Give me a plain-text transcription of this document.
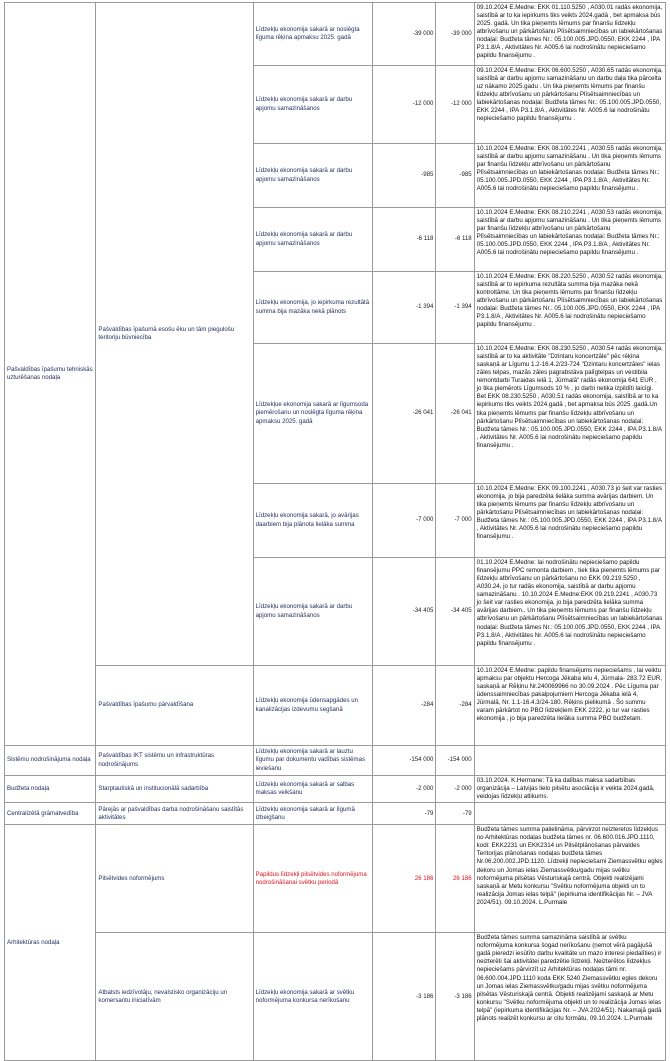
Pašvaldības īpašumu tehniskās uzturēšanas nodaļa	Pašvaldības īpašumā esošu ēku un tām piegulošu teritoriju būvniecība	Līdzekļu ekonomija sakarā ar noslēgta līguma rēķina apmaksu 2025. gadā	-39 000	-39 000	09.10.2024 E.Medne: EKK 01.110.5250 , A030.01 radās ekonomija, saistībā ar to ka iepirkums tiks veikts 2024.gadā , bet apmaksa būs 2025. gadā. Un tika pieņemts lēmums par finanšu līdzekļu atbrīvošanu un pārkārtošanu Plīsētsaimniecības un labiekārtošanas nodaļai: Budžeta tāmes Nr.: 05.100.005.JPD.0550, EKK 2244 , IPA P3.1.8/A , Aktivitātes Nr. A005.6 lai nodrošinātu nepieciešamo papildu finansējumu .
		Līdzekļu ekonomija sakarā ar darbu apjomu samazināšanos	-12 000	-12 000	09.10.2024 E.Medne: EKK 06.600.5250 , A030.65 radās ekonomija, saistībā ar darbu apjomu samazināšanu un darbu daļa tika pārcelta uz nākamo 2025.gadu . Un tika pieņemts lēmums par finanšu līdzekļu atbrīvošanu un pārkārtošanu Plīsētsaimniecības un labiekārtošanas nodaļai: Budžeta tāmes Nr.: 05.100.005.JPD.0550, EKK 2244 , IPA P3.1.8/A , Aktivitātes Nr. A005.6 lai nodrošinātu nepieciešamo papildu finansējumu .
		Līdzekļu ekonomija sakarā ar darbu apjomu samazināšanos	-985	-985	10.10.2024 E.Medne: EKK 08.100.2241 , A030.55 radās ekonomija, saistībā ar darbu apjomu samazināšanu . Un tika pieņemts lēmums par finanšu līdzekļu atbrīvošanu un pārkārtošanu Plīsētsaimniecības un labiekārtošanas nodaļai: Budžeta tāmes Nr.: 05.100.005.JPD.0550, EKK 2244 , IPA P3.1.8/A , Aktivitātes Nr. A005.6 lai nodrošinātu nepieciešamo papildu finansējumu .
		Līdzekļu ekonomija sakarā ar darbu apjomu samazināšanos	-6 118	-6 118	10.10.2024 E.Medne: EKK 08.210.2241 , A030.53 radās ekonomija, saistībā ar darbu apjomu samazināšanu . Un tika pieņemts lēmums par finanšu līdzekļu atbrīvošanu un pārkārtošanu Plīsētsaimniecības un labiekārtošanas nodaļai: Budžeta tāmes Nr.: 05.100.005.JPD.0550, EKK 2244 , IPA P3.1.8/A , Aktivitātes Nr. A005.6 lai nodrošinātu nepieciešamo papildu finansējumu .
		Līdzekļu ekonomija, jo iepirkuma rezultātā summa bija mazāka nekā plānots	-1 394	-1 394	10.10.2024 E.Medne: EKK 08.220.5250 , A030.52 radās ekonomija, saistībā ar to iepirkuma rezultāta summa bija mazāka nekā kontroltāme. Un tika pieņemts lēmums par finanšu līdzekļu atbrīvošanu un pārkārtošanu Plīsētsaimniecības un labiekārtošanas nodaļai: Budžeta tāmes Nr.: 05.100.005.JPD.0550, EKK 2244 , IPA P3.1.8/A , Aktivitātes Nr. A005.6 lai nodrošinātu nepieciešamo papildu finansējumu .
		Līdzekļue ekonomija sakarā ar līgumsoda piemērošanu un noslēgta līguma rēķina apmaksu 2025. gadā	-26 041	-26 041	10.10.2024 E.Medne: EKK 08.230.5250 , A030.54 radās ekonomija, saistībā ar to ka aktivitāte "Dzintaru koncertzāle" pēc rēķina saskaņā ar Līgumu 1.2-16.4.2/23-724 "Dzintaru koncertzāles" ielas zāles telpas, mazās zāles pagrabstāva palīgtelpas un vestibila remontdarbi Turaidas ielā 1, Jūrmalā" radās ekonomija 641 EUR , jo tika piemērots Līgumsods 10 % , jo darbi netika izpildīti laicīgi. Bet EKK 08.230.5250 , A030.51 radās ekonomija, saistībā ar to ka iepirkums tiks veikts 2024.gadā , bet apmaksa būs 2025 .gadā.Un tika pieņemts lēmums par finanšu līdzekļu atbrīvošanu un pārkārtošanu Plīsētsaimniecības un labiekārtošanas nodaļai: Budžeta tāmes Nr.: 05.100.005.JPD.0550, EKK 2244 , IPA P3.1.8/A , Aktivitātes Nr. A005.6 lai nodrošinātu nepieciešamo papildu finansējumu .
		Līdzekļu ekonomija sakarā, jo avārijas daarbiem bija plānota lielāka summa	-7 000	-7 000	10.10.2024 E.Medne: EKK 09.100.2241 , A030.73 jo šeit var rasties ekonomija, jo bija paredzēta lielāka summa avārijas darbiem. Un tika pieņemts lēmums par finanšu līdzekļu atbrīvošanu un pārkārtošanu Plīsētsaimniecības un labiekārtošanas nodaļai: Budžeta tāmes Nr.: 05.100.005.JPD.0550, EKK 2244 , IPA P3.1.8/A , Aktivitātes Nr. A005.6 lai nodrošinātu nepieciešamo papildu finansējumu .
		Līdzekļu ekonomija sakarā ar darbu apjomu samazināšanos	-34 405	-34 405	01.10.2024 E.Medne: lai nodrošinātu nepieciešamo papildu finansējumu PPC remonta darbiem , tiek tika pieņemts lēmums par līdzekļu atbrīvošanu un pārkārtošanu no EKK 09.219.5250 , A030.24, jo tur radās ekonomija, saistībā ar darbu apjomu samazināšanu . 10.10.2024 E.Medne:EKK 09.219.2241 , A030.73 jo šeit var rasties ekonomija, jo bija paredzēta lielāka summa avārijas darbiem.. Un tika pieņemts lēmums par finanšu līdzekļu atbrīvošanu un pārkārtošanu Plīsētsaimniecības un labiekārtošanas nodaļai: Budžeta tāmes Nr.: 05.100.005.JPD.0550, EKK 2244 , IPA P3.1.8/A , Aktivitātes Nr. A005.6 lai nodrošinātu nepieciešamo papildu finansējumu .
	Pašvaldības īpašumu pārvaldīšana	Līdzekļu ekonomija ūdensapgādes un kanalizācijas izdevumu segšanā	-284	-284	10.10.2024 E.Medne: papildu finansējums nepieciešams , lai veiktu apmaksu par objektu Hercoga Jēkaba ielu 4, Jūrmala- 283.72 EUR, saskaņā ar Rēķinu Nr.240069966 no 30.09.2024 . Pēc Līguma par ūdenssaimniecības pakalpojumiem Hercoga Jēkaba ielā 4, Jūrmalā, Nr. 1.1-16.4.3/24-180. Rēķins pielikumā . Šo summu varam pārkārtot no PBO līdzekļiem EKK 2222, jo tur var rasties ekonomija , jo bija paredzēta lielāka summa PBO budžetam.
Sistēmu nodrošinājuma nodaļa	Pašvaldības IKT sistēmu un infrastruktūras nodrošinājums	Līdzekļu ekonomija sakarā ar lauztu līgumu par dokumentu vadības sistēmas ieviešanu	-154 000	-154 000	
Budžeta nodaļa	Starptautiskā un institucionālā sadarbība	Līdzekļu ekonomija sakarā ar salbas maksas veikšanu	-2 000	-2 000	03.10.2024. K.Hermane: Tā ka dalības maksa sadarbības organizācija – Latvijas lielo pilsētu asociācija ir veikta 2024.gadā, veidojas līdzekļu atlikums.
Centralizētā grāmatvedība	Pārejās ar pašvaldības darba nodrošināšanu saistītās aktivitātes	Līdzekļu ekonomija sakarā ar līgumā izbeigšanu	-79	-79	
Arhitektūras nodaļa	Pilsētvides noformējums	Papildus līdzekļi pilsētvides noformējuma nodrošināšanai svētku periodā	26 186	26 186	Budžeta tāmes summa palielināma, pārvirzot neizteretos līdzekļus no Arhitektūras nodaļas budžeta tāmes nr. 06.600.016.JPD.1110, kodi: EKK2231 un EKK2314 un Pilsētplānošanas pārvaldes Teritorijas plānošanas nodaļas budžeta tāmes Nr.06.200.002.JPD.1120. Līdzekļi nepieciešami Ziemassvētku egles dekoru un Jomas ielas Ziemassvētku/gadu mijas svētku noformējuma pilsētas Vēsturiskajā centrā. Objekti realizējami saskaņā ar Metu konkursu "Svētku noformējuma objekti un to realizācija Jomas ielas telpā" (iepirkuma identifikācijas Nr. – JVA 2024/51). 09.10.2024. L.Purmale
	Atbalsts iedzīvotāju, nevalstisko organizāciju un komersantu iniciatīvām	Līdzekļu ekonomija sakarā ar svētku noformējuma konkursa nerīkošanu	-3 186	-3 186	Budžeta tāmes summa samazināma saistībā ar svētku noformējuma konkursa šogad nerīkošanu (ņemot vērā pagājušā gadā pieredzi iesūtīto darbu kvalitāte un mazo interesi piedalīties) ir neizterēti šai aktivitātei paredzētie līdzekļi. Neizterētos līdzekļus nepieciešams pārvirzīt uz Arhitektūras nodaļas tāmi nr. 06.600.004.JPD.1110 koda EKK 5240 Ziemassvētku egles dekoru un Jomas ielas Ziemassvētku/gadu mijas svētku noformējuma pilsētas Vēsturiskajā centrā. Objekti realizējami saskaņā ar Metu konkursu "Svētku noformējuma objekti un to realizācija Jomas ielas telpā" (iepirkuma identifikācijas Nr. – JVA 2024/51). Nakamajā gadā plānots realizēt konkursu ar citu formātu. 09.10.2024. L.Purmale
